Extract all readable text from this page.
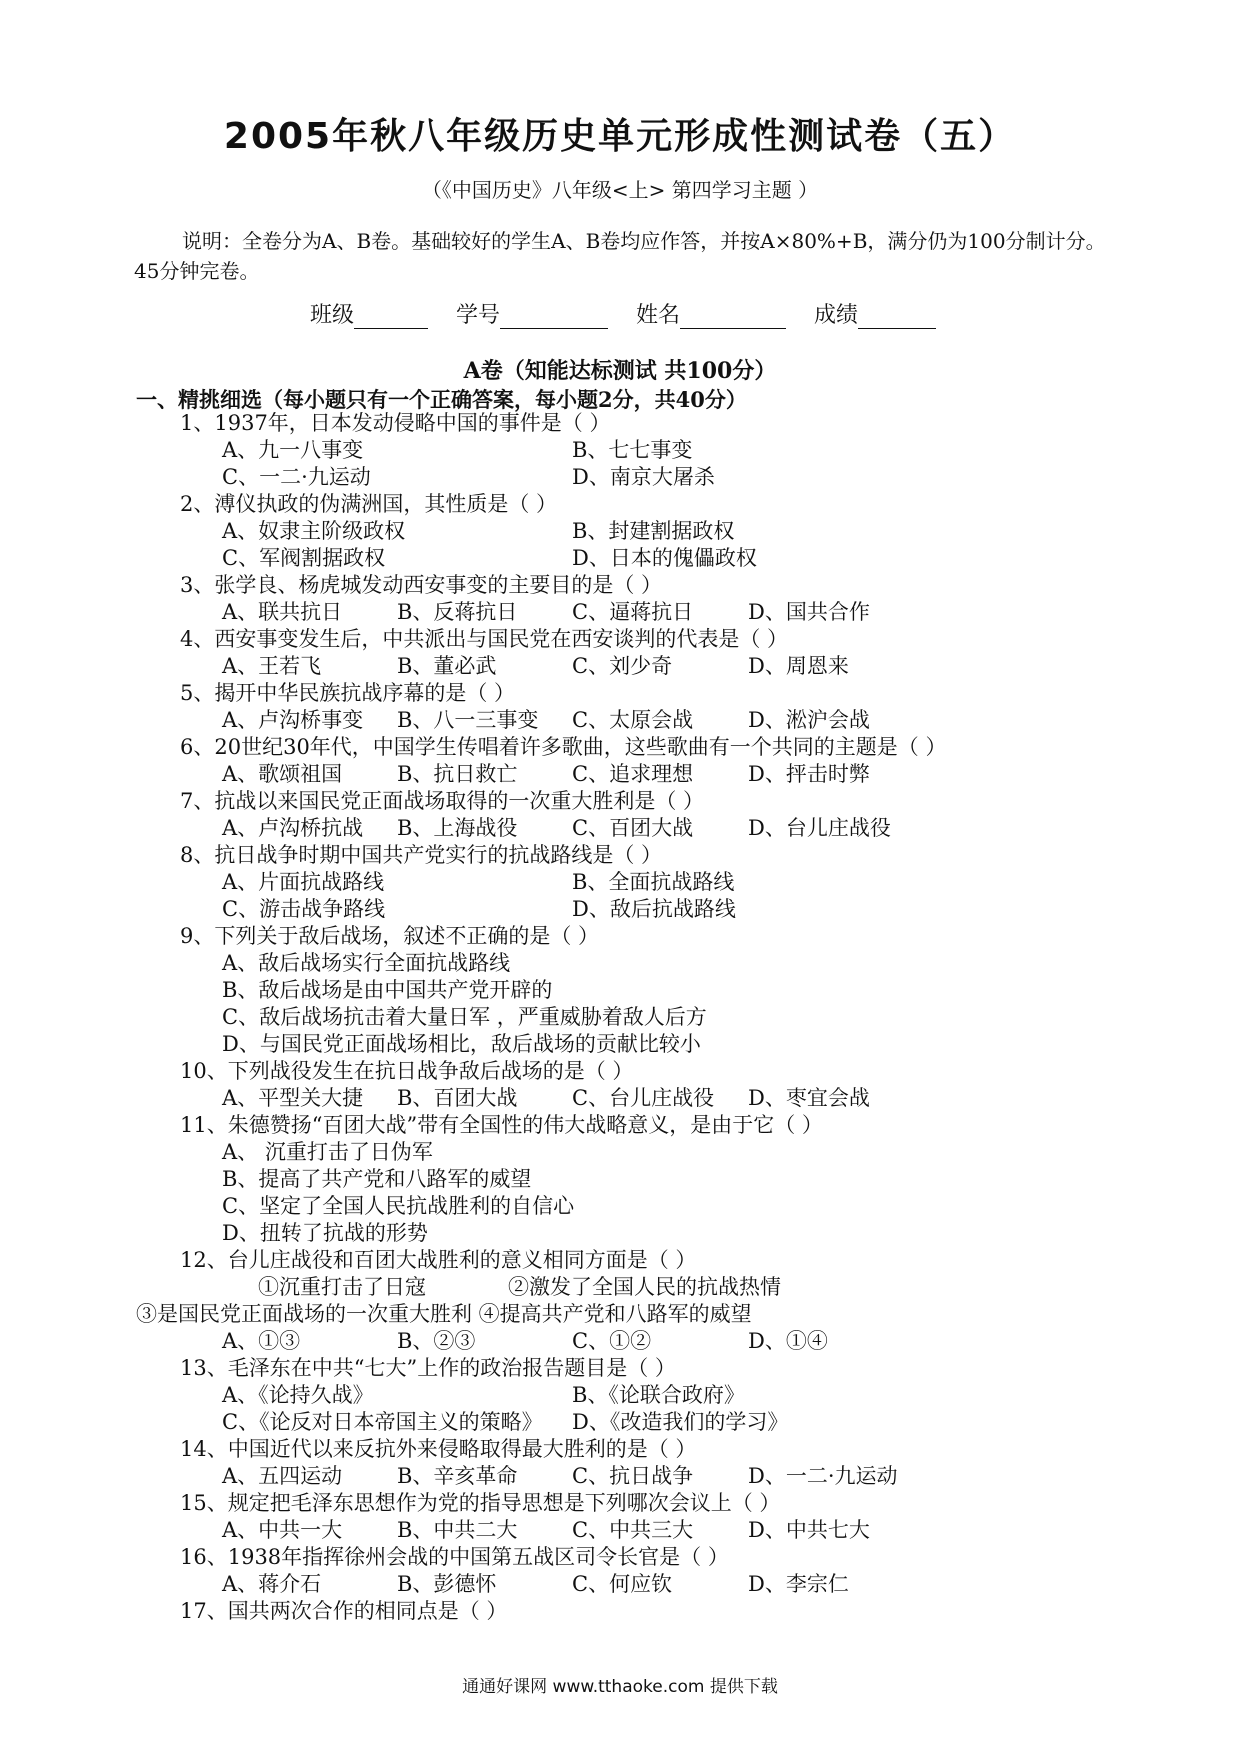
2005年秋八年级历史单元形成性测试卷（五）
（《中国历史》八年级<上> 第四学习主题 ）
说明：全卷分为A、B卷。基础较好的学生A、B卷均应作答，并按A×80%+B，满分仍为100分制计分。45分钟完卷。
班级	学号	姓名	成绩
A卷（知能达标测试 共100分）
一、精挑细选（每小题只有一个正确答案，每小题2分，共40分）
1、1937年，日本发动侵略中国的事件是（ ）
A、九一八事变	B、七七事变
C、一二·九运动	D、南京大屠杀
2、溥仪执政的伪满洲国，其性质是（ ）
A、奴隶主阶级政权	B、封建割据政权
C、军阀割据政权	D、日本的傀儡政权
3、张学良、杨虎城发动西安事变的主要目的是（ ）
A、联共抗日	B、反蒋抗日	C、逼蒋抗日	D、国共合作
4、西安事变发生后，中共派出与国民党在西安谈判的代表是（ ）
A、王若飞	B、董必武	C、刘少奇	D、周恩来
5、揭开中华民族抗战序幕的是（ ）
A、卢沟桥事变 B、八一三事变 C、太原会战	D、淞沪会战
6、20世纪30年代，中国学生传唱着许多歌曲，这些歌曲有一个共同的主题是（ ）
A、歌颂祖国	B、抗日救亡	C、追求理想	D、抨击时弊
7、抗战以来国民党正面战场取得的一次重大胜利是（ ）
A、卢沟桥抗战 B、上海战役	C、百团大战	D、台儿庄战役
8、抗日战争时期中国共产党实行的抗战路线是（ ）
A、片面抗战路线	B、全面抗战路线
C、游击战争路线	D、敌后抗战路线
9、下列关于敌后战场，叙述不正确的是（ ）
A、敌后战场实行全面抗战路线
B、敌后战场是由中国共产党开辟的
C、敌后战场抗击着大量日军 ，严重威胁着敌人后方
D、与国民党正面战场相比，敌后战场的贡献比较小
10、下列战役发生在抗日战争敌后战场的是（ ）
A、平型关大捷 B、百团大战	C、台儿庄战役 D、枣宜会战
11、朱德赞扬“百团大战”带有全国性的伟大战略意义，是由于它（ ）
A、 沉重打击了日伪军
B、提高了共产党和八路军的威望
C、坚定了全国人民抗战胜利的自信心
D、扭转了抗战的形势
12、台儿庄战役和百团大战胜利的意义相同方面是（ ）
①沉重打击了日寇	②激发了全国人民的抗战热情
③是国民党正面战场的一次重大胜利 ④提高共产党和八路军的威望
A、①③	B、②③	C、①②	D、①④
13、毛泽东在中共“七大”上作的政治报告题目是（ ）
A、《论持久战》	B、《论联合政府》
C、《论反对日本帝国主义的策略》 D、《改造我们的学习》
14、中国近代以来反抗外来侵略取得最大胜利的是（ ）
A、五四运动	B、辛亥革命	C、抗日战争	D、一二·九运动
15、规定把毛泽东思想作为党的指导思想是下列哪次会议上（ ）
A、中共一大	B、中共二大	C、中共三大	D、中共七大
16、1938年指挥徐州会战的中国第五战区司令长官是（ ）
A、蒋介石	B、彭德怀	C、何应钦	D、李宗仁
17、国共两次合作的相同点是（ ）
通通好课网 www.tthaoke.com 提供下载
